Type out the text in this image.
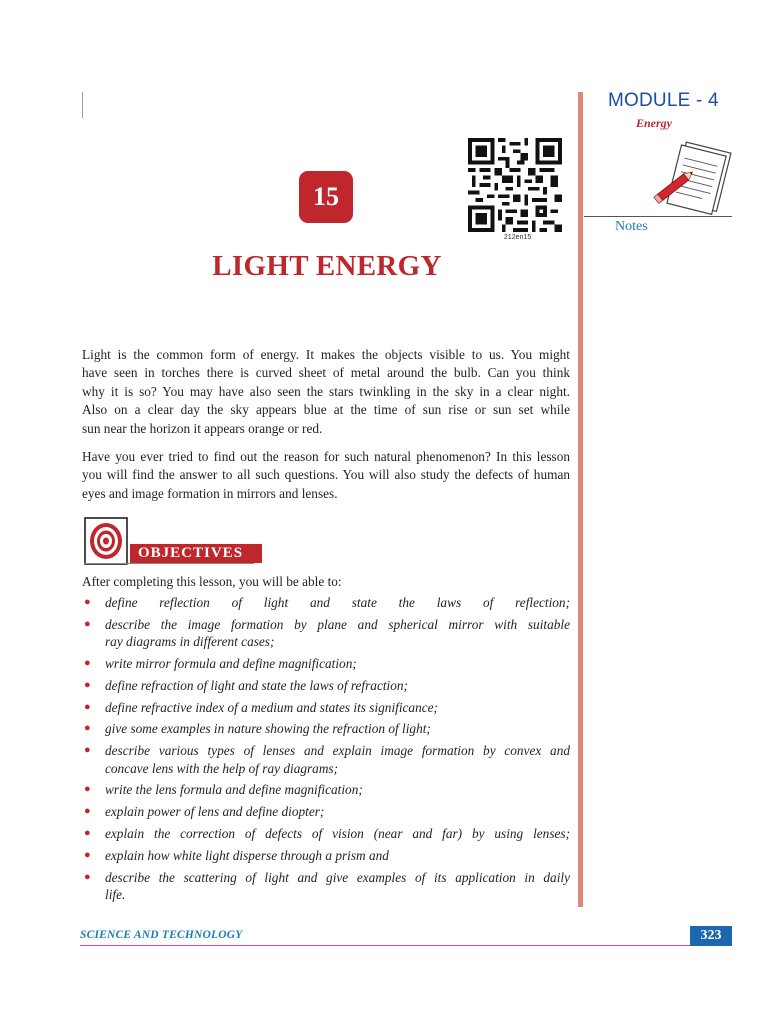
MODULE - 4
Energy
Notes
15
212en15
LIGHT ENERGY
Light is the common form of energy. It makes the objects visible to us. You might
have seen in torches there is curved sheet of metal around the bulb. Can you think
why it is so? You may have also seen the stars twinkling in the sky in a clear night.
Also on a clear day the sky appears blue at the time of sun rise or sun set while
sun near the horizon it appears orange or red.
Have you ever tried to find out the reason for such natural phenomenon? In this lesson
you will find the answer to all such questions. You will also study the defects of human
eyes and image formation in mirrors and lenses.
OBJECTIVES
After completing this lesson, you will be able to:
● define reflection of light and state the laws of reflection;
● describe the image formation by plane and spherical mirror with suitable
ray diagrams in different cases;
● write mirror formula and define magnification;
● define refraction of light and state the laws of refraction;
● define refractive index of a medium and states its significance;
● give some examples in nature showing the refraction of light;
● describe various types of lenses and explain image formation by convex and
concave lens with the help of ray diagrams;
● write the lens formula and define magnification;
● explain power of lens and define diopter;
● explain the correction of defects of vision (near and far) by using lenses;
● explain how white light disperse through a prism and
● describe the scattering of light and give examples of its application in daily
life.
SCIENCE AND TECHNOLOGY	323
